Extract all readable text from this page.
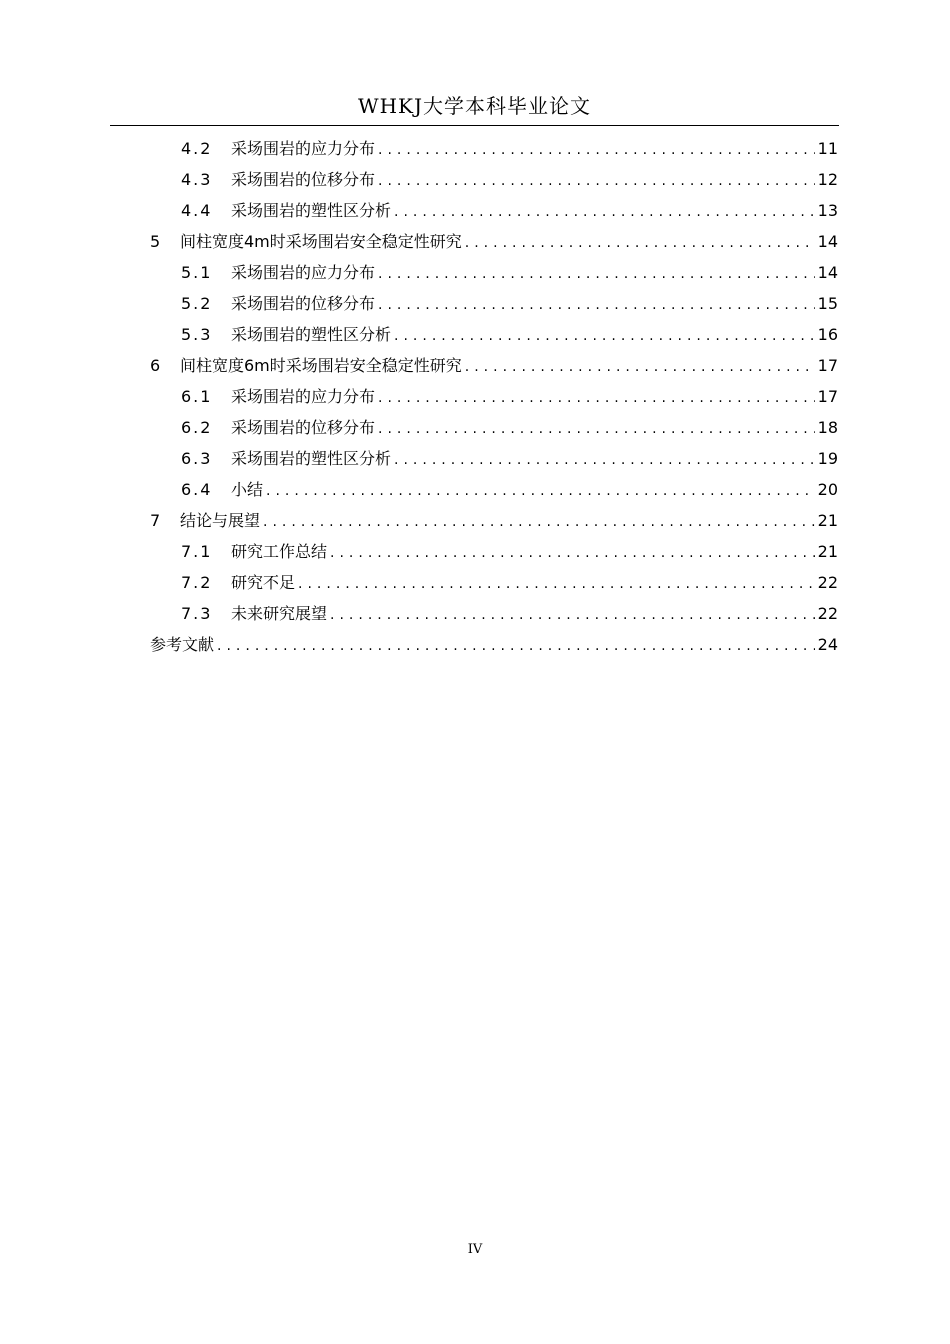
WHKJ大学本科毕业论文
4.2	采场围岩的应力分布 .....	11
4.3	采场围岩的位移分布 .....	12
4.4	采场围岩的塑性区分析 .....	13
5	间柱宽度4m时采场围岩安全稳定性研究 .....	14
5.1	采场围岩的应力分布 .....	14
5.2	采场围岩的位移分布 .....	15
5.3	采场围岩的塑性区分析 .....	16
6	间柱宽度6m时采场围岩安全稳定性研究 .....	17
6.1	采场围岩的应力分布 .....	17
6.2	采场围岩的位移分布 .....	18
6.3	采场围岩的塑性区分析 .....	19
6.4	小结 .....	20
7	结论与展望 .....	21
7.1	研究工作总结 .....	21
7.2	研究不足 .....	22
7.3	未来研究展望 .....	22
参考文献 .....	24
IV
